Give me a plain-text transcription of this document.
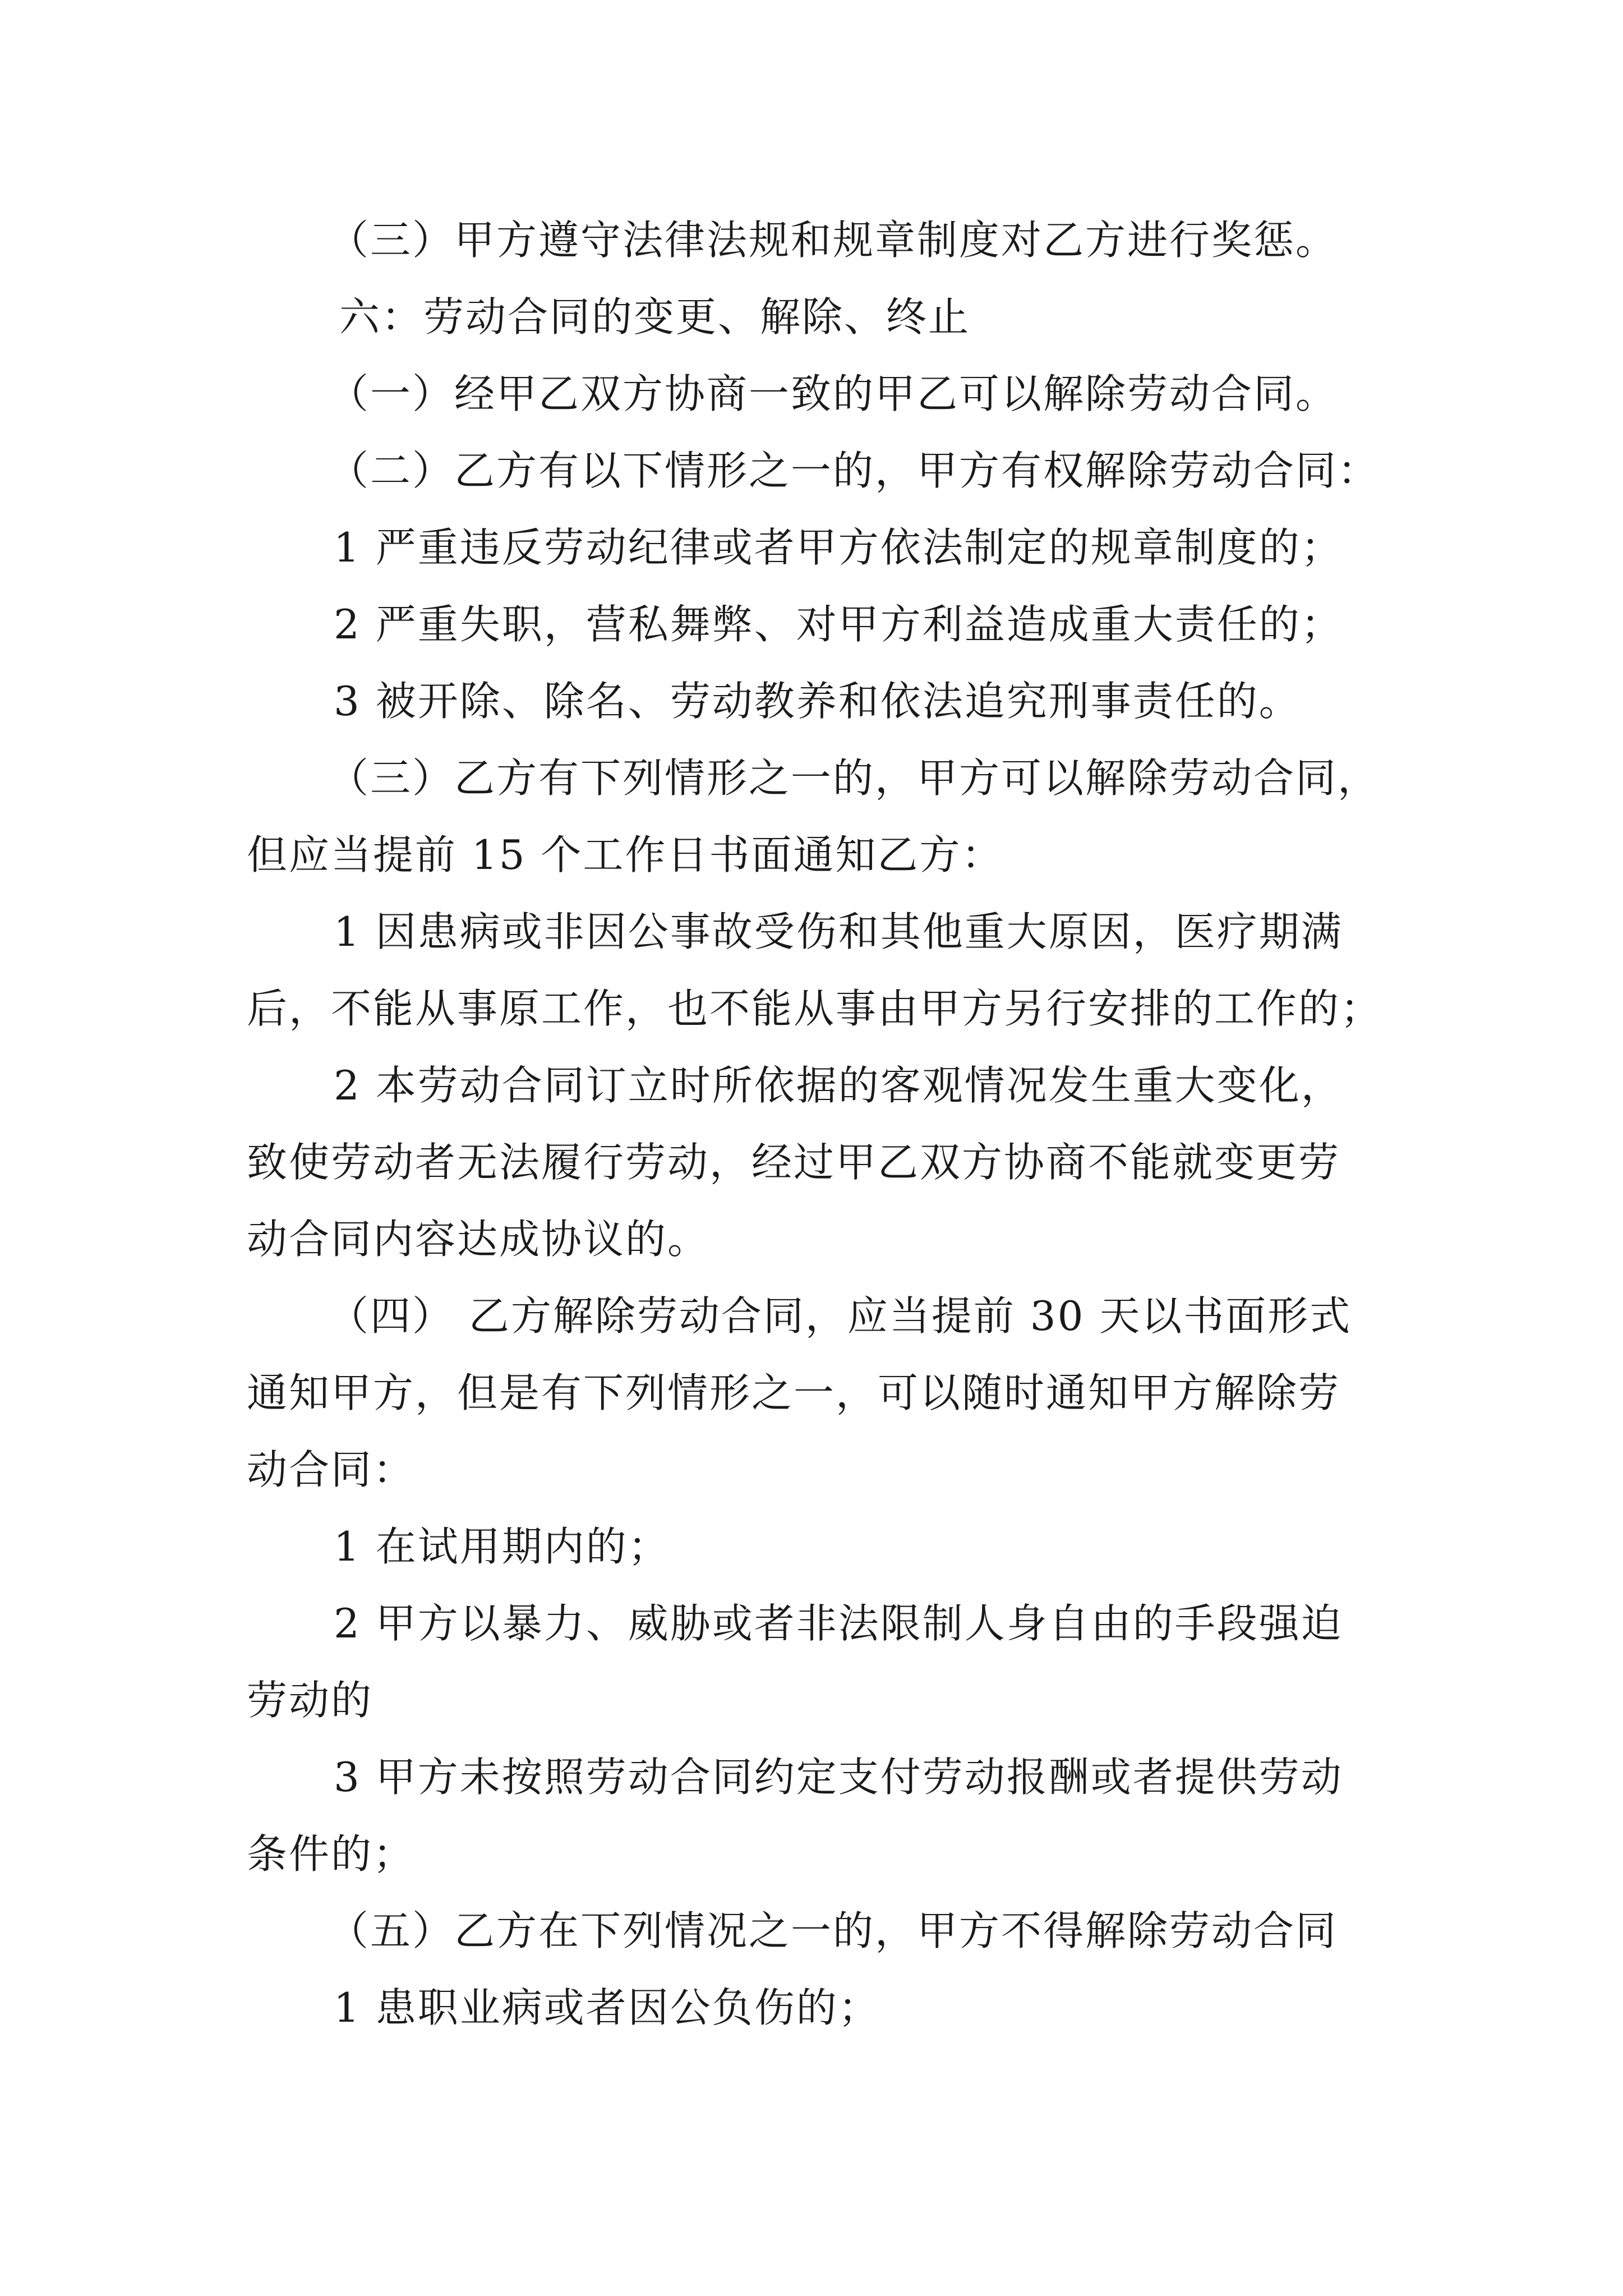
（三）甲方遵守法律法规和规章制度对乙方进行奖惩。
六：劳动合同的变更、解除、终止
（一）经甲乙双方协商一致的甲乙可以解除劳动合同。
（二）乙方有以下情形之一的，甲方有权解除劳动合同：
1 严重违反劳动纪律或者甲方依法制定的规章制度的；
2 严重失职，营私舞弊、对甲方利益造成重大责任的；
3 被开除、除名、劳动教养和依法追究刑事责任的。
（三）乙方有下列情形之一的，甲方可以解除劳动合同，
但应当提前 15 个工作日书面通知乙方：
1 因患病或非因公事故受伤和其他重大原因，医疗期满
后，不能从事原工作，也不能从事由甲方另行安排的工作的；
2 本劳动合同订立时所依据的客观情况发生重大变化，
致使劳动者无法履行劳动，经过甲乙双方协商不能就变更劳
动合同内容达成协议的。
（四） 乙方解除劳动合同，应当提前 30 天以书面形式
通知甲方，但是有下列情形之一，可以随时通知甲方解除劳
动合同：
1 在试用期内的；
2 甲方以暴力、威胁或者非法限制人身自由的手段强迫
劳动的
3 甲方未按照劳动合同约定支付劳动报酬或者提供劳动
条件的；
（五）乙方在下列情况之一的，甲方不得解除劳动合同
1 患职业病或者因公负伤的；
